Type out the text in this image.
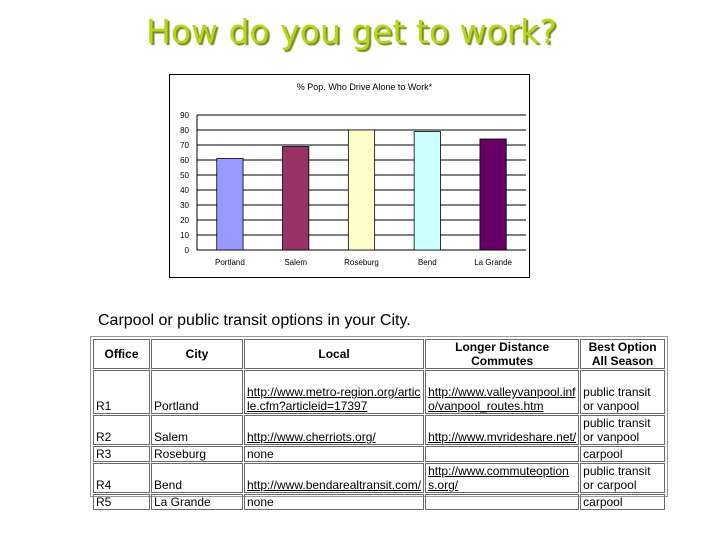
How do you get to work?
% Pop. Who Drive Alone to Work*
0
10
20
30
40
50
60
70
80
90
Portland	Salem	Roseburg	Bend	La Grande

Carpool or public transit options in your City.

Office	City	Local	Longer Distance Commutes	Best Option All Season
R1	Portland	http://www.metro-region.org/article.cfm?articleid=17397	http://www.valleyvanpool.info/vanpool_routes.htm	public transit or vanpool
R2	Salem	http://www.cherriots.org/	http://www.mvrideshare.net/	public transit or vanpool
R3	Roseburg	none		carpool
R4	Bend	http://www.bendarealtransit.com/	http://www.commuteoptions.org/	public transit or carpool
R5	La Grande	none		carpool
